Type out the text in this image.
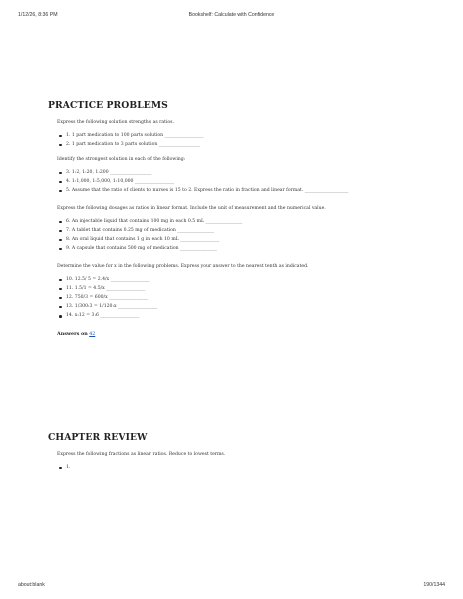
1/12/26, 8:36 PM	Bookshelf: Calculate with Confidence
PRACTICE PROBLEMS

Express the following solution strengths as ratios.

1. 1 part medication to 100 parts solution _________________
2. 1 part medication to 3 parts solution __________________

Identify the strongest solution in each of the following:

3. 1:2, 1:20, 1:200 __________________
4. 1:1,000, 1:5,000, 1:10,000 _________________
5. Assume that the ratio of clients to nurses is 15 to 2. Express the ratio in fraction and linear format. ___________________

Express the following dosages as ratios in linear format. Include the unit of measurement and the numerical value.

6. An injectable liquid that contains 100 mg in each 0.5 mL ________________
7. A tablet that contains 0.25 mg of medication ________________
8. An oral liquid that contains 1 g in each 10 mL _________________
9. A capsule that contains 500 mg of medication ________________

Determine the value for x in the following problems. Express your answer to the nearest tenth as indicated.

10. 12.5/ 5 = 2.4/x _________________
11. 1.5/1 = 4.5/x _________________
12. 750/3 = 600/x _________________
13. 1/300:3 = 1/120:x _________________
14. x:12 = 3:6 _________________
Answers on 42
CHAPTER REVIEW

Express the following fractions as linear ratios. Reduce to lowest terms.

1.
about:blank	190/1344
